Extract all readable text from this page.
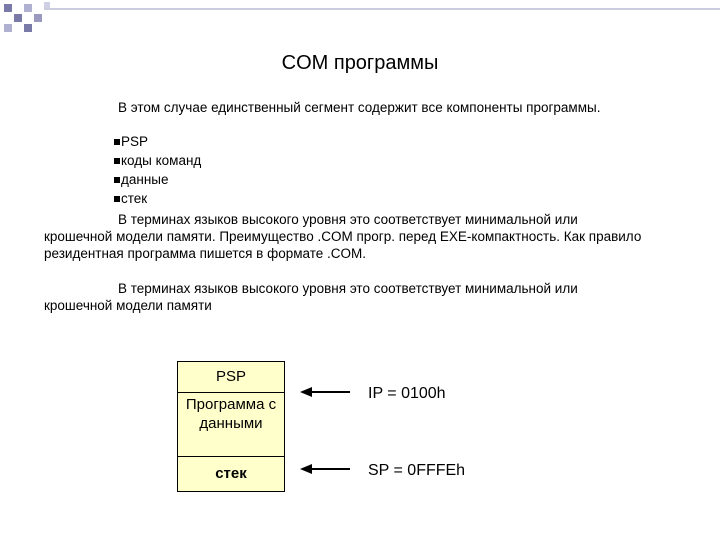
COM программы

В этом случае единственный сегмент содержит все компоненты программы.

PSP
коды команд
данные
стек

В терминах языков высокого уровня это соответствует минимальной или крошечной модели памяти. Преимущество .COM прогр. перед EXE-компактность. Как правило резидентная программа пишется в формате .COM.

В терминах языков высокого уровня это соответствует минимальной или крошечной модели памяти

PSP
Программа с данными
стек
IP = 0100h
SP = 0FFFEh
